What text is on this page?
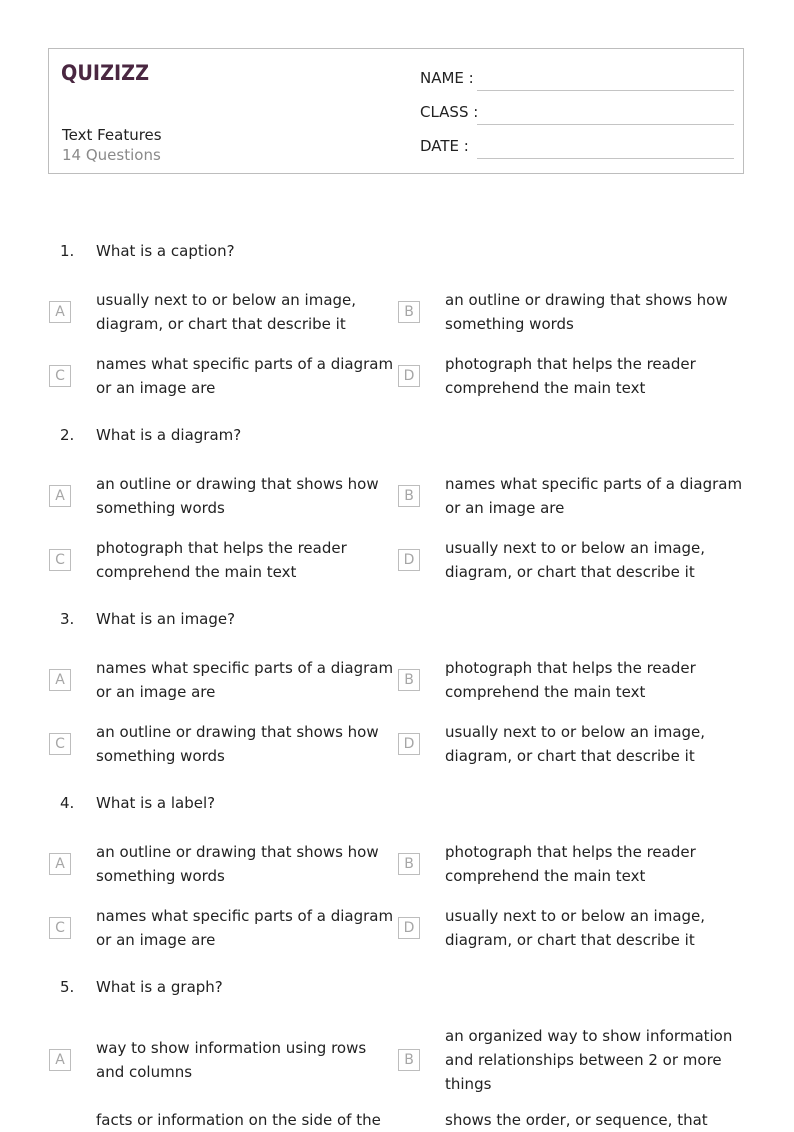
QUIZIZZ
Text Features
14 Questions
NAME :
CLASS :
DATE :
1. What is a caption?
A
usually next to or below an image, diagram, or chart that describe it
B
an outline or drawing that shows how something words
C
names what specific parts of a diagram or an image are
D
photograph that helps the reader comprehend the main text
2. What is a diagram?
A
an outline or drawing that shows how something words
B
names what specific parts of a diagram or an image are
C
photograph that helps the reader comprehend the main text
D
usually next to or below an image, diagram, or chart that describe it
3. What is an image?
A
names what specific parts of a diagram or an image are
B
photograph that helps the reader comprehend the main text
C
an outline or drawing that shows how something words
D
usually next to or below an image, diagram, or chart that describe it
4. What is a label?
A
an outline or drawing that shows how something words
B
photograph that helps the reader comprehend the main text
C
names what specific parts of a diagram or an image are
D
usually next to or below an image, diagram, or chart that describe it
5. What is a graph?
A
way to show information using rows and columns
B
an organized way to show information and relationships between 2 or more things
facts or information on the side of the	shows the order, or sequence, that
